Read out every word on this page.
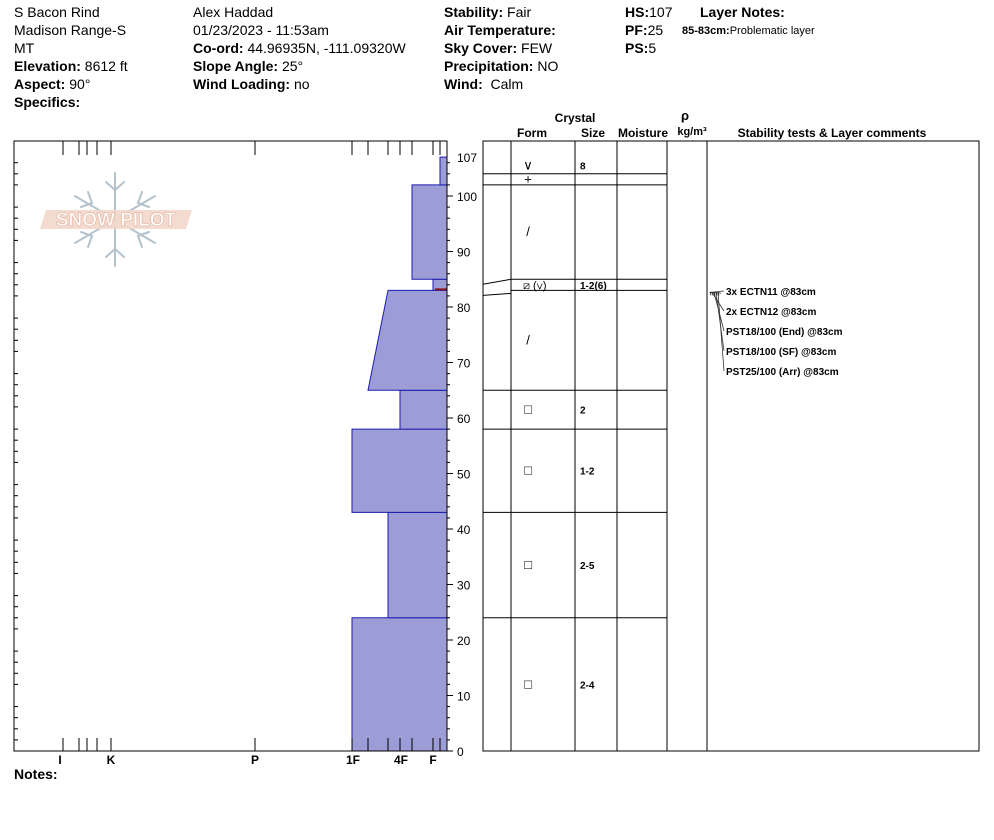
S Bacon Rind
Madison Range-S
MT
Elevation: 8612 ft
Aspect: 90°
Specifics:
Alex Haddad
01/23/2023 - 11:53am
Co-ord: 44.96935N, -111.09320W
Slope Angle: 25°
Wind Loading: no
Stability: Fair
Air Temperature:
Sky Cover: FEW
Precipitation: NO
Wind: Calm
HS:107
PF:25
PS:5
Layer Notes:
85-83cm:Problematic layer
Notes:
SNOW PILOT
Crystal
Form	Size Moisture
ρ
kg/m³	Stability tests & Layer comments
∨	8
+
/
⧄ (∨)	1-2(6)
/
□	2
□	1-2
□	2-5
□	2-4
0
10
20
30
40
50
60
70
80
90
100
107
I	K	P	1F	4F F
3x ECTN11 @83cm
2x ECTN12 @83cm
PST18/100 (End) @83cm
PST18/100 (SF) @83cm
PST25/100 (Arr) @83cm
